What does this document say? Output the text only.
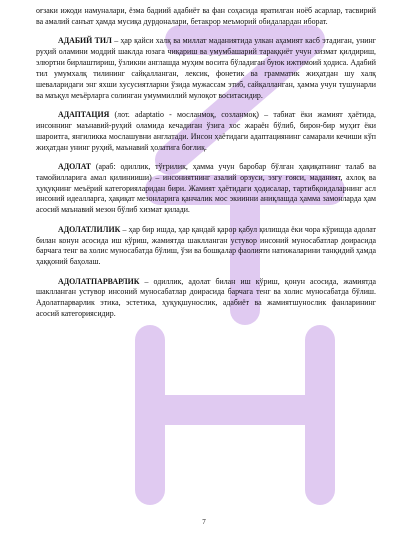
оғзаки ижоди намуналари, ёзма бадиий адабиёт ва фан соҳасида яратилган ноёб асарлар, тасвирий ва амалий санъат ҳамда мусиқа дурдоналари, бетакрор меъморий обидалардан иборат.

АДАБИЙ ТИЛ – ҳар қайси халқ ва миллат маданиятида улкан аҳамият касб этадиган, унинг руҳий оламини моддий шаклда юзага чиқариш ва умумбашарий тараққиёт учун хизмат қилдириш, элюртни бирлаштириш, ўзликни англашда муҳим восита бўладиган буюк ижтимоий ҳодиса. Адабий тил умумхалқ тилининг сайқалланган, лексик, фонетик ва грамматик жиҳатдан шу халқ шеваларидаги энг яхши хусусиятларни ўзида мужассам этиб, сайқалланган, ҳамма учун тушунарли ва маъқул меъёрларга солинган умуммиллий мулоқот воситасидир.

АДАПТАЦИЯ (лот. adaptatio - мосланмоқ, созланмоқ) – табиат ёки жамият ҳаётида, инсоннинг маънавий-руҳий оламида кечадиган ўзига хос жараён бўлиб, бирон-бир муҳит ёки шароитга, янгиликка мослашувни англатади. Инсон ҳаётидаги адаптациянинг самарали кечиши кўп жиҳатдан унинг руҳий, маънавий ҳолатига боғлиқ.

АДОЛАТ (араб: одиллик, тўғрилик, ҳамма учун баробар бўлган ҳақиқатнинг талаб ва тамойилларига амал қилинииши) – инсониятнинг азалий орзуси, эзгу ғояси, маданият, ахлоқ ва ҳуқуқнинг меъёрий категорияларидан бири. Жамият ҳаётидаги ҳодисалар, тартибқоидаларнинг асл инсоний идеалларга, ҳақиқат мезонларига қанчалик мос экиинни аниқлашда ҳамма замонларда ҳам асосий маънавий мезон бўлиб хизмат қилади.

АДОЛАТЛИЛИК – ҳар бир ишда, ҳар қандай қарор қабул қилишда ёки чора кўришда адолат билан конун асосида иш кўриш, жамиятда шаклланган устувор инсоний муносабатлар доирасида барчага тенг ва холис муносабатда бўлиш, ўзи ва бошқалар фаолияти натижаларини танқидий ҳамда ҳаққоний баҳолаш.

АДОЛАТПАРВАРЛИК – одиллик, адолат билан иш кўриш, қонун асосида, жамиятда шаклланган устувор инсоний муносабатлар доирасида барчага тенг ва холис муносабатда бўлиш. Адолатпарварлик этика, эстетика, ҳуқуқшунослик, адабиёт ва жамиятшунослик фанларининг асосий категориясидир.

7
